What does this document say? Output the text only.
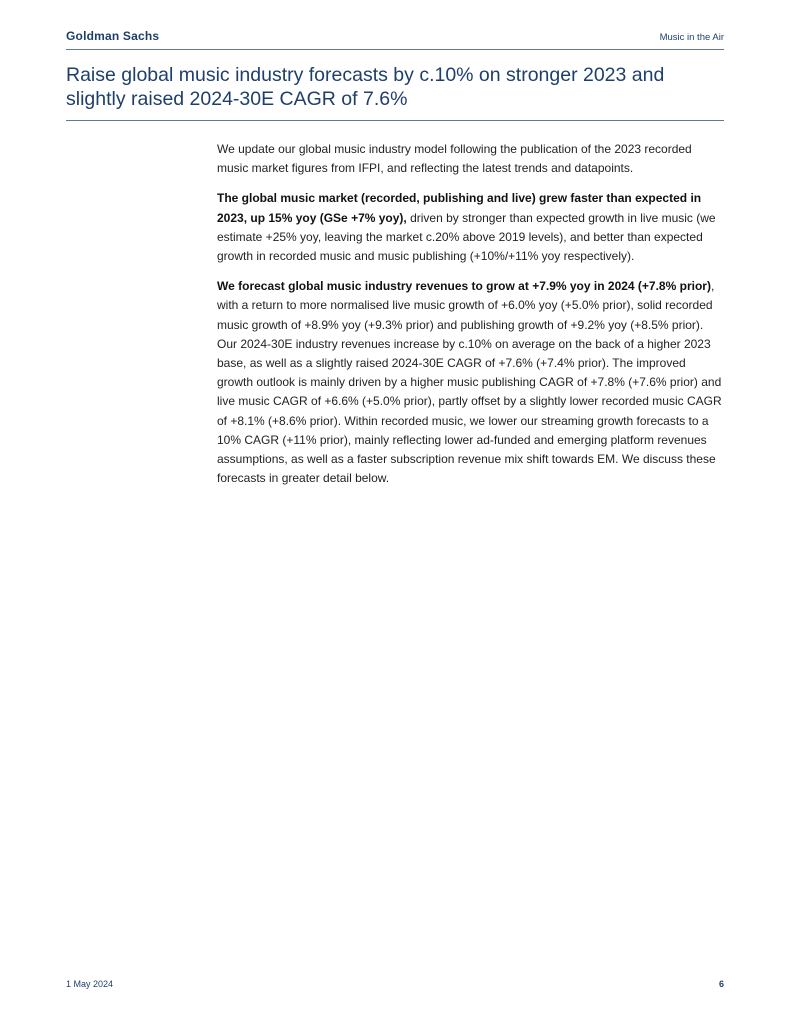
Goldman Sachs	Music in the Air
Raise global music industry forecasts by c.10% on stronger 2023 and slightly raised 2024-30E CAGR of 7.6%

We update our global music industry model following the publication of the 2023 recorded music market figures from IFPI, and reflecting the latest trends and datapoints.

The global music market (recorded, publishing and live) grew faster than expected in 2023, up 15% yoy (GSe +7% yoy), driven by stronger than expected growth in live music (we estimate +25% yoy, leaving the market c.20% above 2019 levels), and better than expected growth in recorded music and music publishing (+10%/+11% yoy respectively).

We forecast global music industry revenues to grow at +7.9% yoy in 2024 (+7.8% prior), with a return to more normalised live music growth of +6.0% yoy (+5.0% prior), solid recorded music growth of +8.9% yoy (+9.3% prior) and publishing growth of +9.2% yoy (+8.5% prior). Our 2024-30E industry revenues increase by c.10% on average on the back of a higher 2023 base, as well as a slightly raised 2024-30E CAGR of +7.6% (+7.4% prior). The improved growth outlook is mainly driven by a higher music publishing CAGR of +7.8% (+7.6% prior) and live music CAGR of +6.6% (+5.0% prior), partly offset by a slightly lower recorded music CAGR of +8.1% (+8.6% prior). Within recorded music, we lower our streaming growth forecasts to a 10% CAGR (+11% prior), mainly reflecting lower ad-funded and emerging platform revenues assumptions, as well as a faster subscription revenue mix shift towards EM. We discuss these forecasts in greater detail below.

1 May 2024	6
